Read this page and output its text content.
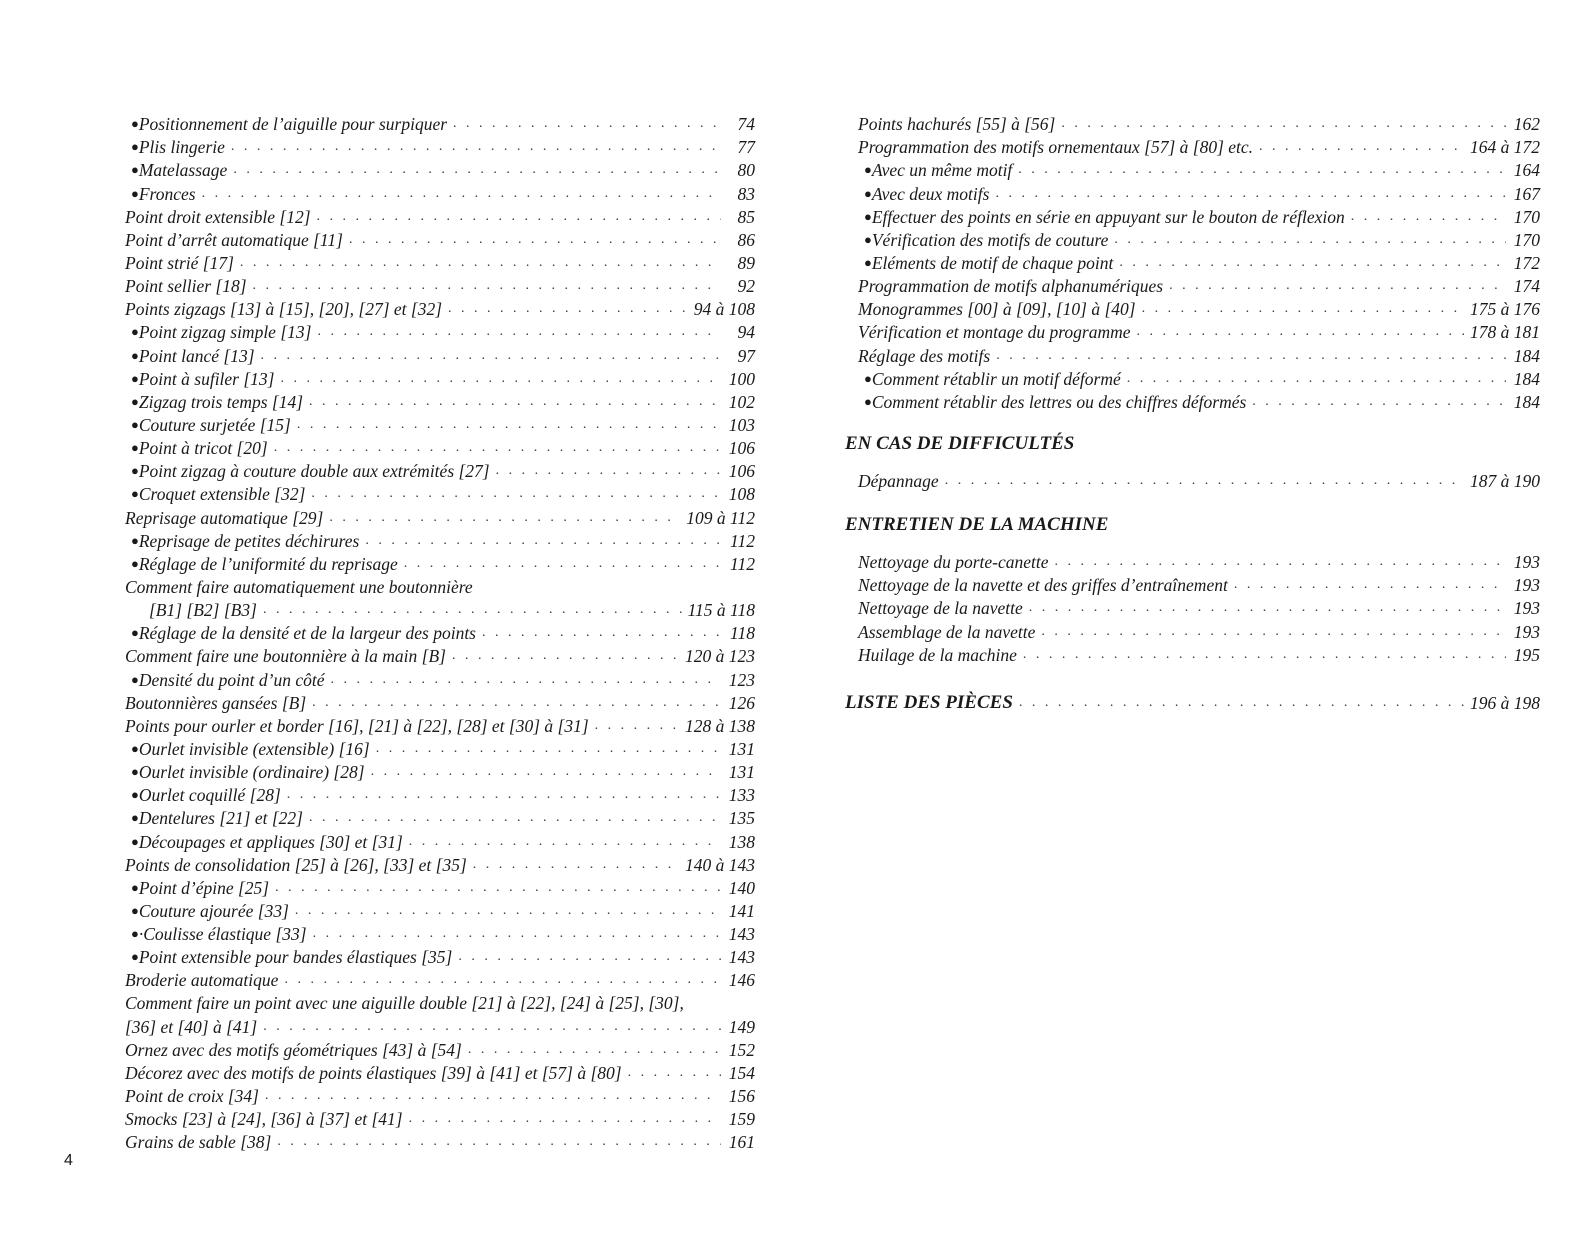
● Positionnement de l’aiguille pour surpiquer . . .	74
● Plis lingerie . . .	77
● Matelassage . . .	80
● Fronces . . .	83
Point droit extensible [12] . . .	85
Point d’arrêt automatique [11] . . .	86
Point strié [17] . . .	89
Point sellier [18] . . .	92
Points zigzags [13] à [15], [20], [27] et [32] . . .	94 à 108
● Point zigzag simple [13] . . .	94
● Point lancé [13] . . .	97
● Point à sufiler [13] . . .	100
● Zigzag trois temps [14] . . .	102
● Couture surjetée [15] . . .	103
● Point à tricot [20] . . .	106
● Point zigzag à couture double aux extrémités [27] . . .	106
● Croquet extensible [32] . . .	108
Reprisage automatique [29] . . .	109 à 112
● Reprisage de petites déchirures . . .	112
● Réglage de l’uniformité du reprisage . . .	112
Comment faire automatiquement une boutonnière
[B1] [B2] [B3] . . .	115 à 118
● Réglage de la densité et de la largeur des points . . .	118
Comment faire une boutonnière à la main [B] . . .	120 à 123
● Densité du point d’un côté . . .	123
Boutonnières gansées [B] . . .	126
Points pour ourler et border [16], [21] à [22], [28] et [30] à [31] . . .	128 à 138
● Ourlet invisible (extensible) [16] . . .	131
● Ourlet invisible (ordinaire) [28] . . .	131
● Ourlet coquillé [28] . . .	133
● Dentelures [21] et [22] . . .	135
● Découpages et appliques [30] et [31] . . .	138
Points de consolidation [25] à [26], [33] et [35] . . .	140 à 143
● Point d’épine [25] . . .	140
● Couture ajourée [33] . . .	141
● ·Coulisse élastique [33] . . .	143
● Point extensible pour bandes élastiques [35] . . .	143
Broderie automatique . . .	146
Comment faire un point avec une aiguille double [21] à [22], [24] à [25], [30],
[36] et [40] à [41] . . .	149
Ornez avec des motifs géométriques [43] à [54] . . .	152
Décorez avec des motifs de points élastiques [39] à [41] et [57] à [80] . . .	154
Point de croix [34] . . .	156
Smocks [23] à [24], [36] à [37] et [41] . . .	159
Grains de sable [38] . . .	161
Points hachurés [55] à [56] . . .	162
Programmation des motifs ornementaux [57] à [80] etc. . . .	164 à 172
● Avec un même motif . . .	164
● Avec deux motifs . . .	167
● Effectuer des points en série en appuyant sur le bouton de réflexion . . .	170
● Vérification des motifs de couture . . .	170
● Eléments de motif de chaque point . . .	172
Programmation de motifs alphanumériques . . .	174
Monogrammes [00] à [09], [10] à [40] . . .	175 à 176
Vérification et montage du programme . . .	178 à 181
Réglage des motifs . . .	184
● Comment rétablir un motif déformé . . .	184
● Comment rétablir des lettres ou des chiffres déformés . . .	184
EN CAS DE DIFFICULTÉS
Dépannage . . .	187 à 190
ENTRETIEN DE LA MACHINE
Nettoyage du porte-canette . . .	193
Nettoyage de la navette et des griffes d’entraînement . . .	193
Nettoyage de la navette . . .	193
Assemblage de la navette . . .	193
Huilage de la machine . . .	195
LISTE DES PIÈCES . . .	196 à 198
4
